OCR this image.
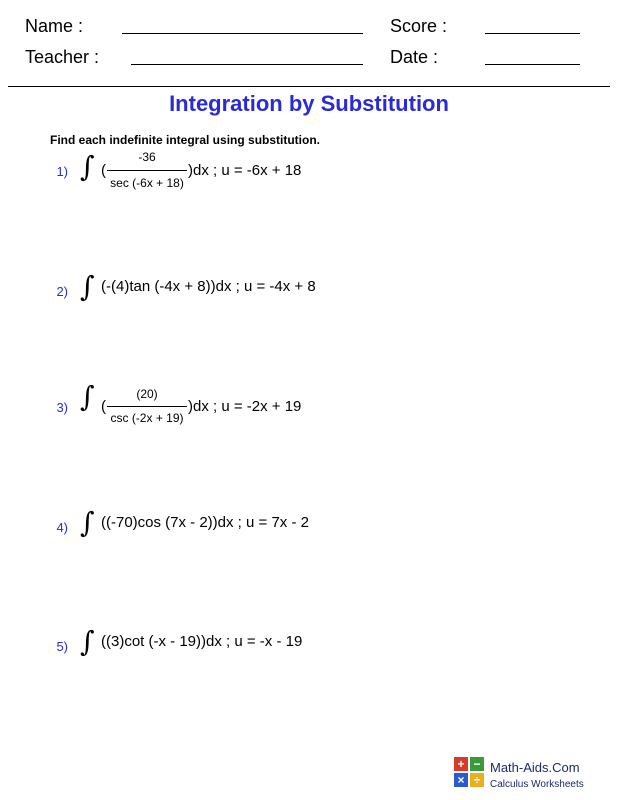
Name :	Score :
Teacher :	Date :
Integration by Substitution
Find each indefinite integral using substitution.
1) ∫ (
-36
sec (-6x + 18)
)dx ; u = -6x + 18
2) ∫ (-(4)tan (-4x + 8))dx ; u = -4x + 8
3) ∫ (
(20)
csc (-2x + 19)
)dx ; u = -2x + 19
4) ∫ ((-70)cos (7x - 2))dx ; u = 7x - 2
5) ∫ ((3)cot (-x - 19))dx ; u = -x - 19
+ −
× ÷
Math-Aids.Com
Calculus Worksheets
